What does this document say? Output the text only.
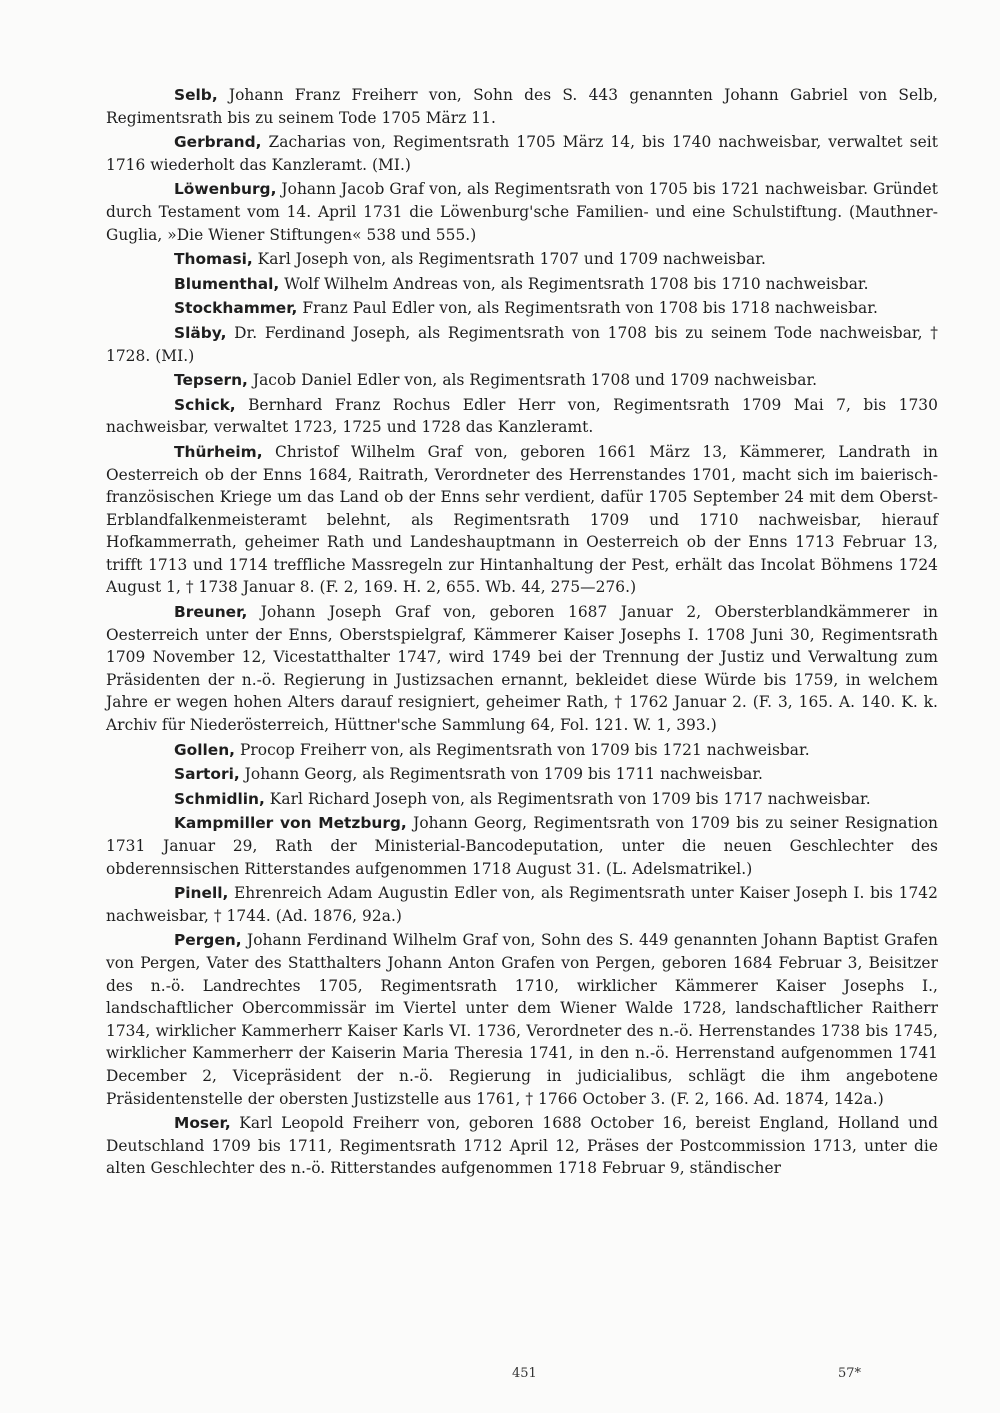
Selb, Johann Franz Freiherr von, Sohn des S. 443 genannten Johann Gabriel von Selb, Regimentsrath bis zu seinem Tode 1705 März 11.

Gerbrand, Zacharias von, Regimentsrath 1705 März 14, bis 1740 nachweisbar, verwaltet seit 1716 wiederholt das Kanzleramt. (MI.)

Löwenburg, Johann Jacob Graf von, als Regimentsrath von 1705 bis 1721 nachweisbar. Gründet durch Testament vom 14. April 1731 die Löwenburg'sche Familien- und eine Schulstiftung. (Mauthner-Guglia, »Die Wiener Stiftungen« 538 und 555.)

Thomasi, Karl Joseph von, als Regimentsrath 1707 und 1709 nachweisbar.

Blumenthal, Wolf Wilhelm Andreas von, als Regimentsrath 1708 bis 1710 nachweisbar.

Stockhammer, Franz Paul Edler von, als Regimentsrath von 1708 bis 1718 nachweisbar.

Släby, Dr. Ferdinand Joseph, als Regimentsrath von 1708 bis zu seinem Tode nachweisbar, † 1728. (MI.)

Tepsern, Jacob Daniel Edler von, als Regimentsrath 1708 und 1709 nachweisbar.

Schick, Bernhard Franz Rochus Edler Herr von, Regimentsrath 1709 Mai 7, bis 1730 nachweisbar, verwaltet 1723, 1725 und 1728 das Kanzleramt.

Thürheim, Christof Wilhelm Graf von, geboren 1661 März 13, Kämmerer, Landrath in Oesterreich ob der Enns 1684, Raitrath, Verordneter des Herrenstandes 1701, macht sich im baierisch-französischen Kriege um das Land ob der Enns sehr verdient, dafür 1705 September 24 mit dem Oberst-Erblandfalkenmeisteramt belehnt, als Regimentsrath 1709 und 1710 nachweisbar, hierauf Hofkammerrath, geheimer Rath und Landeshauptmann in Oesterreich ob der Enns 1713 Februar 13, trifft 1713 und 1714 treffliche Massregeln zur Hintanhaltung der Pest, erhält das Incolat Böhmens 1724 August 1, † 1738 Januar 8. (F. 2, 169. H. 2, 655. Wb. 44, 275—276.)

Breuner, Johann Joseph Graf von, geboren 1687 Januar 2, Obersterblandkämmerer in Oesterreich unter der Enns, Oberstspielgraf, Kämmerer Kaiser Josephs I. 1708 Juni 30, Regimentsrath 1709 November 12, Vicestatthalter 1747, wird 1749 bei der Trennung der Justiz und Verwaltung zum Präsidenten der n.-ö. Regierung in Justizsachen ernannt, bekleidet diese Würde bis 1759, in welchem Jahre er wegen hohen Alters darauf resigniert, geheimer Rath, † 1762 Januar 2. (F. 3, 165. A. 140. K. k. Archiv für Niederösterreich, Hüttner'sche Sammlung 64, Fol. 121. W. 1, 393.)

Gollen, Procop Freiherr von, als Regimentsrath von 1709 bis 1721 nachweisbar.

Sartori, Johann Georg, als Regimentsrath von 1709 bis 1711 nachweisbar.

Schmidlin, Karl Richard Joseph von, als Regimentsrath von 1709 bis 1717 nachweisbar.

Kampmiller von Metzburg, Johann Georg, Regimentsrath von 1709 bis zu seiner Resignation 1731 Januar 29, Rath der Ministerial-Bancodeputation, unter die neuen Geschlechter des obderennsischen Ritterstandes aufgenommen 1718 August 31. (L. Adelsmatrikel.)

Pinell, Ehrenreich Adam Augustin Edler von, als Regimentsrath unter Kaiser Joseph I. bis 1742 nachweisbar, † 1744. (Ad. 1876, 92a.)

Pergen, Johann Ferdinand Wilhelm Graf von, Sohn des S. 449 genannten Johann Baptist Grafen von Pergen, Vater des Statthalters Johann Anton Grafen von Pergen, geboren 1684 Februar 3, Beisitzer des n.-ö. Landrechtes 1705, Regimentsrath 1710, wirklicher Kämmerer Kaiser Josephs I., landschaftlicher Obercommissär im Viertel unter dem Wiener Walde 1728, landschaftlicher Raitherr 1734, wirklicher Kammerherr Kaiser Karls VI. 1736, Verordneter des n.-ö. Herrenstandes 1738 bis 1745, wirklicher Kammerherr der Kaiserin Maria Theresia 1741, in den n.-ö. Herrenstand aufgenommen 1741 December 2, Vicepräsident der n.-ö. Regierung in judicialibus, schlägt die ihm angebotene Präsidentenstelle der obersten Justizstelle aus 1761, † 1766 October 3. (F. 2, 166. Ad. 1874, 142a.)

Moser, Karl Leopold Freiherr von, geboren 1688 October 16, bereist England, Holland und Deutschland 1709 bis 1711, Regimentsrath 1712 April 12, Präses der Postcommission 1713, unter die alten Geschlechter des n.-ö. Ritterstandes aufgenommen 1718 Februar 9, ständischer

451	57*
